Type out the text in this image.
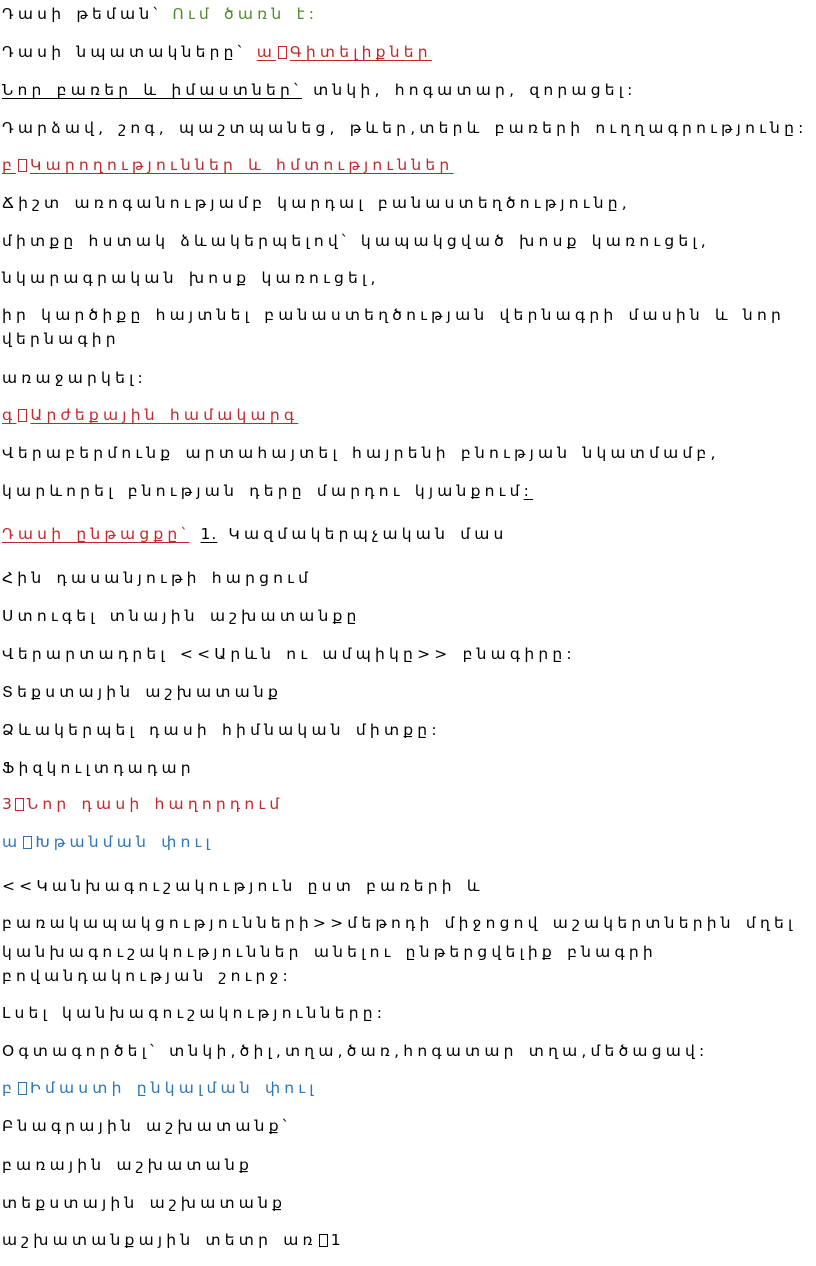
Դասի թեման՝ Ում ծառն է:
Դասի նպատակները՝ ա Գիտելիքներ
Նոր բառեր և իմաստներ՝ տնկի, հոգատար, զորացել:
Դարձավ, շոգ, պաշտպանեց, թևեր,տերև բառերի ուղղագրությունը:
բ Կարողություններ և հմտություններ
Ճիշտ առոգանությամբ կարդալ բանաստեղծությունը,
միտքը հստակ ձևակերպելով՝ կապակցված խոսք կառուցել,
նկարագրական խոսք կառուցել,
իր կարծիքը հայտնել բանաստեղծության վերնագրի մասին և նոր վերնագիր
առաջարկել:
գ Արժեքային համակարգ
Վերաբերմունք արտահայտել հայրենի բնության նկատմամբ,
կարևորել բնության դերը մարդու կյանքում:
Դասի ընթացքը՝ 1. Կազմակերպչական մաս
Հին դասանյութի հարցում
Ստուգել տնային աշխատանքը
Վերարտադրել <<Արևն ու ամպիկը>> բնագիրը:
Տեքստային աշխատանք
Ձևակերպել դասի հիմնական միտքը:
Ֆիզկուլտդադար
3 Նոր դասի հաղորդում
ա Խթանման փուլ
<<Կանխագուշակություն ըստ բառերի և
բառակապակցությունների>>մեթոդի միջոցով աշակերտներին մղել
կանխագուշակություններ անելու ընթերցվելիք բնագրի
բովանդակության շուրջ:
Լսել կանխագուշակությունները:
Օգտագործել՝ տնկի,ծիլ,տղա,ծառ,հոգատար տղա,մեծացավ:
բ Իմաստի ընկալման փուլ
Բնագրային աշխատանք՝
բառային աշխատանք
տեքստային աշխատանք
աշխատանքային տետր առ 1
